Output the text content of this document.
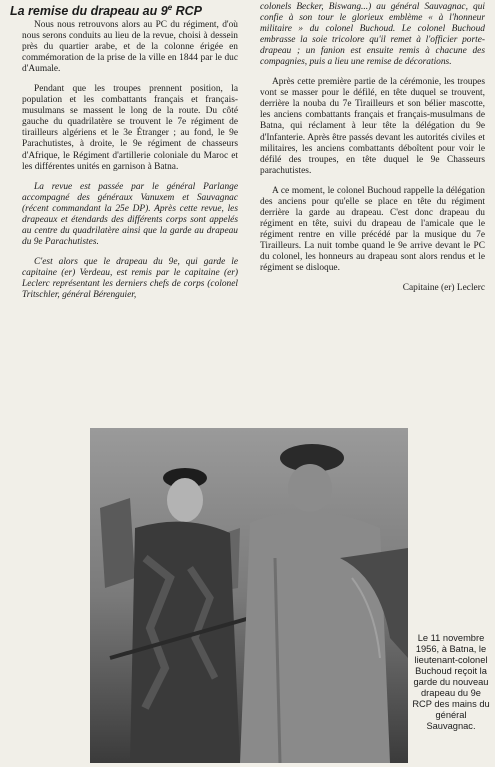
La remise du drapeau au 9e RCP

Nous nous retrouvons alors au PC du régiment, d'où nous serons conduits au lieu de la revue, choisi à dessein près du quartier arabe, et de la colonne érigée en commémoration de la prise de la ville en 1844 par le duc d'Aumale.

Pendant que les troupes prennent position, la population et les combattants français et français-musulmans se massent le long de la route. Du côté gauche du quadrilatère se trouvent le 7e régiment de tirailleurs algériens et le 3e Étranger ; au fond, le 9e Parachutistes, à droite, le 9e régiment de chasseurs d'Afrique, le Régiment d'artillerie coloniale du Maroc et les différentes unités en garnison à Batna.

La revue est passée par le général Parlange accompagné des généraux Vanuxem et Sauvagnac (récent commandant la 25e DP). Après cette revue, les drapeaux et étendards des différents corps sont appelés au centre du quadrilatère ainsi que la garde au drapeau du 9e Parachutistes.

C'est alors que le drapeau du 9e, qui garde le capitaine (er) Verdeau, est remis par le capitaine (er) Leclerc représentant les derniers chefs de corps (colonel Tritschler, général Bérenguier,

colonels Becker, Biswang...) au général Sauvagnac, qui confie à son tour le glorieux emblème « à l'honneur militaire » du colonel Buchoud. Le colonel Buchoud embrasse la soie tricolore qu'il remet à l'officier porte-drapeau ; un fanion est ensuite remis à chacune des compagnies, puis a lieu une remise de décorations.

Après cette première partie de la cérémonie, les troupes vont se masser pour le défilé, en tête duquel se trouvent, derrière la nouba du 7e Tirailleurs et son bélier mascotte, les anciens combattants français et français-musulmans de Batna, qui réclament à leur tête la délégation du 9e d'Infanterie. Après être passés devant les autorités civiles et militaires, les anciens combattants déboîtent pour voir le défilé des troupes, en tête duquel le 9e Chasseurs parachutistes.

A ce moment, le colonel Buchoud rappelle la délégation des anciens pour qu'elle se place en tête du régiment derrière la garde au drapeau. C'est donc drapeau du régiment en tête, suivi du drapeau de l'amicale que le régiment rentre en ville précédé par la musique du 7e Tirailleurs. La nuit tombe quand le 9e arrive devant le PC du colonel, les honneurs au drapeau sont alors rendus et le régiment se disloque.

Capitaine (er) Leclerc

Le 11 novembre 1956, à Batna, le lieutenant-colonel Buchoud reçoit la garde du nouveau drapeau du 9e RCP des mains du général Sauvagnac.
